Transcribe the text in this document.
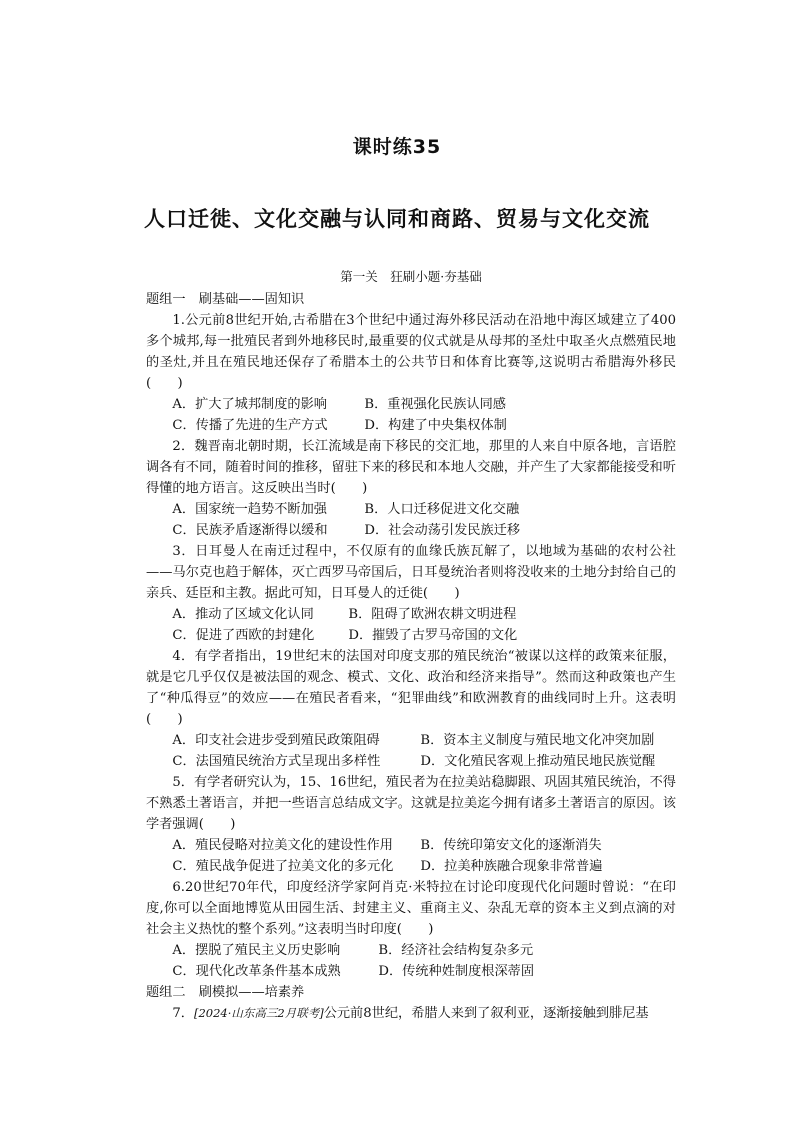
课时练35
人口迁徙、文化交融与认同和商路、贸易与文化交流
第一关　狂刷小题·夯基础
题组一　刷基础——固知识

1.公元前8世纪开始,古希腊在3个世纪中通过海外移民活动在沿地中海区域建立了400多个城邦,每一批殖民者到外地移民时,最重要的仪式就是从母邦的圣灶中取圣火点燃殖民地的圣灶,并且在殖民地还保存了希腊本土的公共节日和体育比赛等,这说明古希腊海外移民(　　)

A．扩大了城邦制度的影响	B．重视强化民族认同感
C．传播了先进的生产方式	D．构建了中央集权体制

2．魏晋南北朝时期，长江流域是南下移民的交汇地，那里的人来自中原各地，言语腔调各有不同，随着时间的推移，留驻下来的移民和本地人交融，并产生了大家都能接受和听得懂的地方语言。这反映出当时(　　)

A．国家统一趋势不断加强	B．人口迁移促进文化交融
C．民族矛盾逐渐得以缓和	D．社会动荡引发民族迁移

3．日耳曼人在南迁过程中，不仅原有的血缘氏族瓦解了，以地域为基础的农村公社——马尔克也趋于解体，灭亡西罗马帝国后，日耳曼统治者则将没收来的土地分封给自己的亲兵、廷臣和主教。据此可知，日耳曼人的迁徙(　　)

A．推动了区域文化认同	B．阻碍了欧洲农耕文明进程
C．促进了西欧的封建化	D．摧毁了古罗马帝国的文化

4．有学者指出，19世纪末的法国对印度支那的殖民统治“被谋以这样的政策来征服，就是它几乎仅仅是被法国的观念、模式、文化、政治和经济来指导”。然而这种政策也产生了“种瓜得豆”的效应——在殖民者看来，“犯罪曲线”和欧洲教育的曲线同时上升。这表明(　　)

A．印支社会进步受到殖民政策阻碍	B．资本主义制度与殖民地文化冲突加剧
C．法国殖民统治方式呈现出多样性	D．文化殖民客观上推动殖民地民族觉醒

5．有学者研究认为，15、16世纪，殖民者为在拉美站稳脚跟、巩固其殖民统治，不得不熟悉土著语言，并把一些语言总结成文字。这就是拉美迄今拥有诸多土著语言的原因。该学者强调(　　)

A．殖民侵略对拉美文化的建设性作用	B．传统印第安文化的逐渐消失
C．殖民战争促进了拉美文化的多元化	D．拉美种族融合现象非常普遍

6.20世纪70年代，印度经济学家阿肖克·米特拉在讨论印度现代化问题时曾说：“在印度,你可以全面地博览从田园生活、封建主义、重商主义、杂乱无章的资本主义到点滴的对社会主义热忱的整个系列。”这表明当时印度(　　)

A．摆脱了殖民主义历史影响	B．经济社会结构复杂多元
C．现代化改革条件基本成熟	D．传统种姓制度根深蒂固
题组二　刷模拟——培素养

7．[2024·山东高三2月联考]公元前8世纪，希腊人来到了叙利亚，逐渐接触到腓尼基
